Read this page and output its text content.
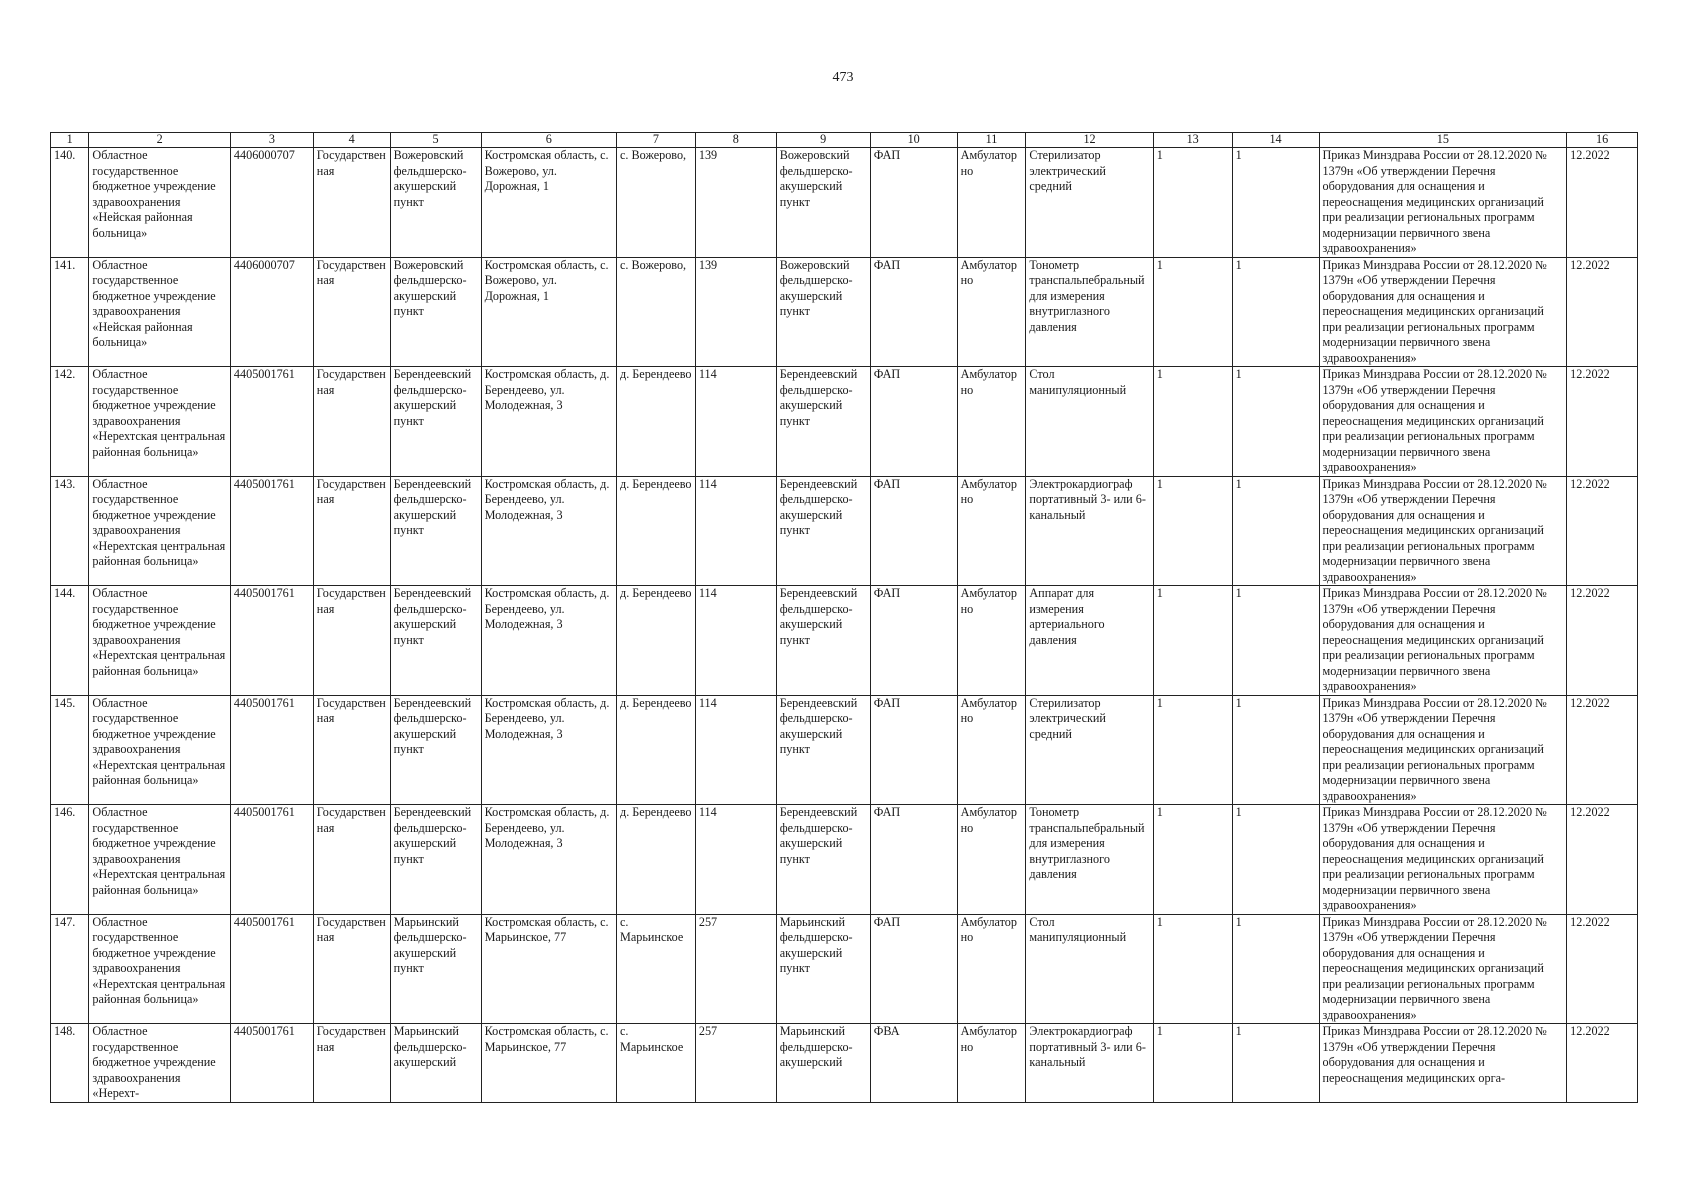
473
1	2	3	4	5	6	7	8	9	10	11	12	13	14	15	16
140.	Областное государственное бюджетное учреждение здравоохранения «Нейская районная больница»	4406000707	Государственная	Вожеровский фельдшерско-акушерский пункт	Костромская область, с. Вожерово, ул. Дорожная, 1	с. Вожерово,	139	Вожеровский фельдшерско-акушерский пункт	ФАП	Амбулаторно	Стерилизатор электрический средний	1	1	Приказ Минздрава России от 28.12.2020 № 1379н «Об утверждении Перечня оборудования для оснащения и переоснащения медицинских организаций при реализации региональных программ модернизации первичного звена здравоохранения»	12.2022
141.	Областное государственное бюджетное учреждение здравоохранения «Нейская районная больница»	4406000707	Государственная	Вожеровский фельдшерско-акушерский пункт	Костромская область, с. Вожерово, ул. Дорожная, 1	с. Вожерово,	139	Вожеровский фельдшерско-акушерский пункт	ФАП	Амбулаторно	Тонометр транспальпебральный для измерения внутриглазного давления	1	1	Приказ Минздрава России от 28.12.2020 № 1379н «Об утверждении Перечня оборудования для оснащения и переоснащения медицинских организаций при реализации региональных программ модернизации первичного звена здравоохранения»	12.2022
142.	Областное государственное бюджетное учреждение здравоохранения «Нерехтская центральная районная больница»	4405001761	Государственная	Берендеевский фельдшерско-акушерский пункт	Костромская область, д. Берендеево, ул. Молодежная, 3	д. Берендеево	114	Берендеевский фельдшерско-акушерский пункт	ФАП	Амбулаторно	Стол манипуляционный	1	1	Приказ Минздрава России от 28.12.2020 № 1379н «Об утверждении Перечня оборудования для оснащения и переоснащения медицинских организаций при реализации региональных программ модернизации первичного звена здравоохранения»	12.2022
143.	Областное государственное бюджетное учреждение здравоохранения «Нерехтская центральная районная больница»	4405001761	Государственная	Берендеевский фельдшерско-акушерский пункт	Костромская область, д. Берендеево, ул. Молодежная, 3	д. Берендеево	114	Берендеевский фельдшерско-акушерский пункт	ФАП	Амбулаторно	Электрокардиограф портативный 3- или 6-канальный	1	1	Приказ Минздрава России от 28.12.2020 № 1379н «Об утверждении Перечня оборудования для оснащения и переоснащения медицинских организаций при реализации региональных программ модернизации первичного звена здравоохранения»	12.2022
144.	Областное государственное бюджетное учреждение здравоохранения «Нерехтская центральная районная больница»	4405001761	Государственная	Берендеевский фельдшерско-акушерский пункт	Костромская область, д. Берендеево, ул. Молодежная, 3	д. Берендеево	114	Берендеевский фельдшерско-акушерский пункт	ФАП	Амбулаторно	Аппарат для измерения артериального давления	1	1	Приказ Минздрава России от 28.12.2020 № 1379н «Об утверждении Перечня оборудования для оснащения и переоснащения медицинских организаций при реализации региональных программ модернизации первичного звена здравоохранения»	12.2022
145.	Областное государственное бюджетное учреждение здравоохранения «Нерехтская центральная районная больница»	4405001761	Государственная	Берендеевский фельдшерско-акушерский пункт	Костромская область, д. Берендеево, ул. Молодежная, 3	д. Берендеево	114	Берендеевский фельдшерско-акушерский пункт	ФАП	Амбулаторно	Стерилизатор электрический средний	1	1	Приказ Минздрава России от 28.12.2020 № 1379н «Об утверждении Перечня оборудования для оснащения и переоснащения медицинских организаций при реализации региональных программ модернизации первичного звена здравоохранения»	12.2022
146.	Областное государственное бюджетное учреждение здравоохранения «Нерехтская центральная районная больница»	4405001761	Государственная	Берендеевский фельдшерско-акушерский пункт	Костромская область, д. Берендеево, ул. Молодежная, 3	д. Берендеево	114	Берендеевский фельдшерско-акушерский пункт	ФАП	Амбулаторно	Тонометр транспальпебральный для измерения внутриглазного давления	1	1	Приказ Минздрава России от 28.12.2020 № 1379н «Об утверждении Перечня оборудования для оснащения и переоснащения медицинских организаций при реализации региональных программ модернизации первичного звена здравоохранения»	12.2022
147.	Областное государственное бюджетное учреждение здравоохранения «Нерехтская центральная районная больница»	4405001761	Государственная	Марьинский фельдшерско-акушерский пункт	Костромская область, с. Марьинское, 77	с. Марьинское	257	Марьинский фельдшерско-акушерский пункт	ФАП	Амбулаторно	Стол манипуляционный	1	1	Приказ Минздрава России от 28.12.2020 № 1379н «Об утверждении Перечня оборудования для оснащения и переоснащения медицинских организаций при реализации региональных программ модернизации первичного звена здравоохранения»	12.2022
148.	Областное государственное бюджетное учреждение здравоохранения «Нерехт-	4405001761	Государственная	Марьинский фельдшерско-акушерский	Костромская область, с. Марьинское, 77	с. Марьинское	257	Марьинский фельдшерско-акушерский	ФВА	Амбулаторно	Электрокардиограф портативный 3- или 6-канальный	1	1	Приказ Минздрава России от 28.12.2020 № 1379н «Об утверждении Перечня оборудования для оснащения и переоснащения медицинских орга-	12.2022
